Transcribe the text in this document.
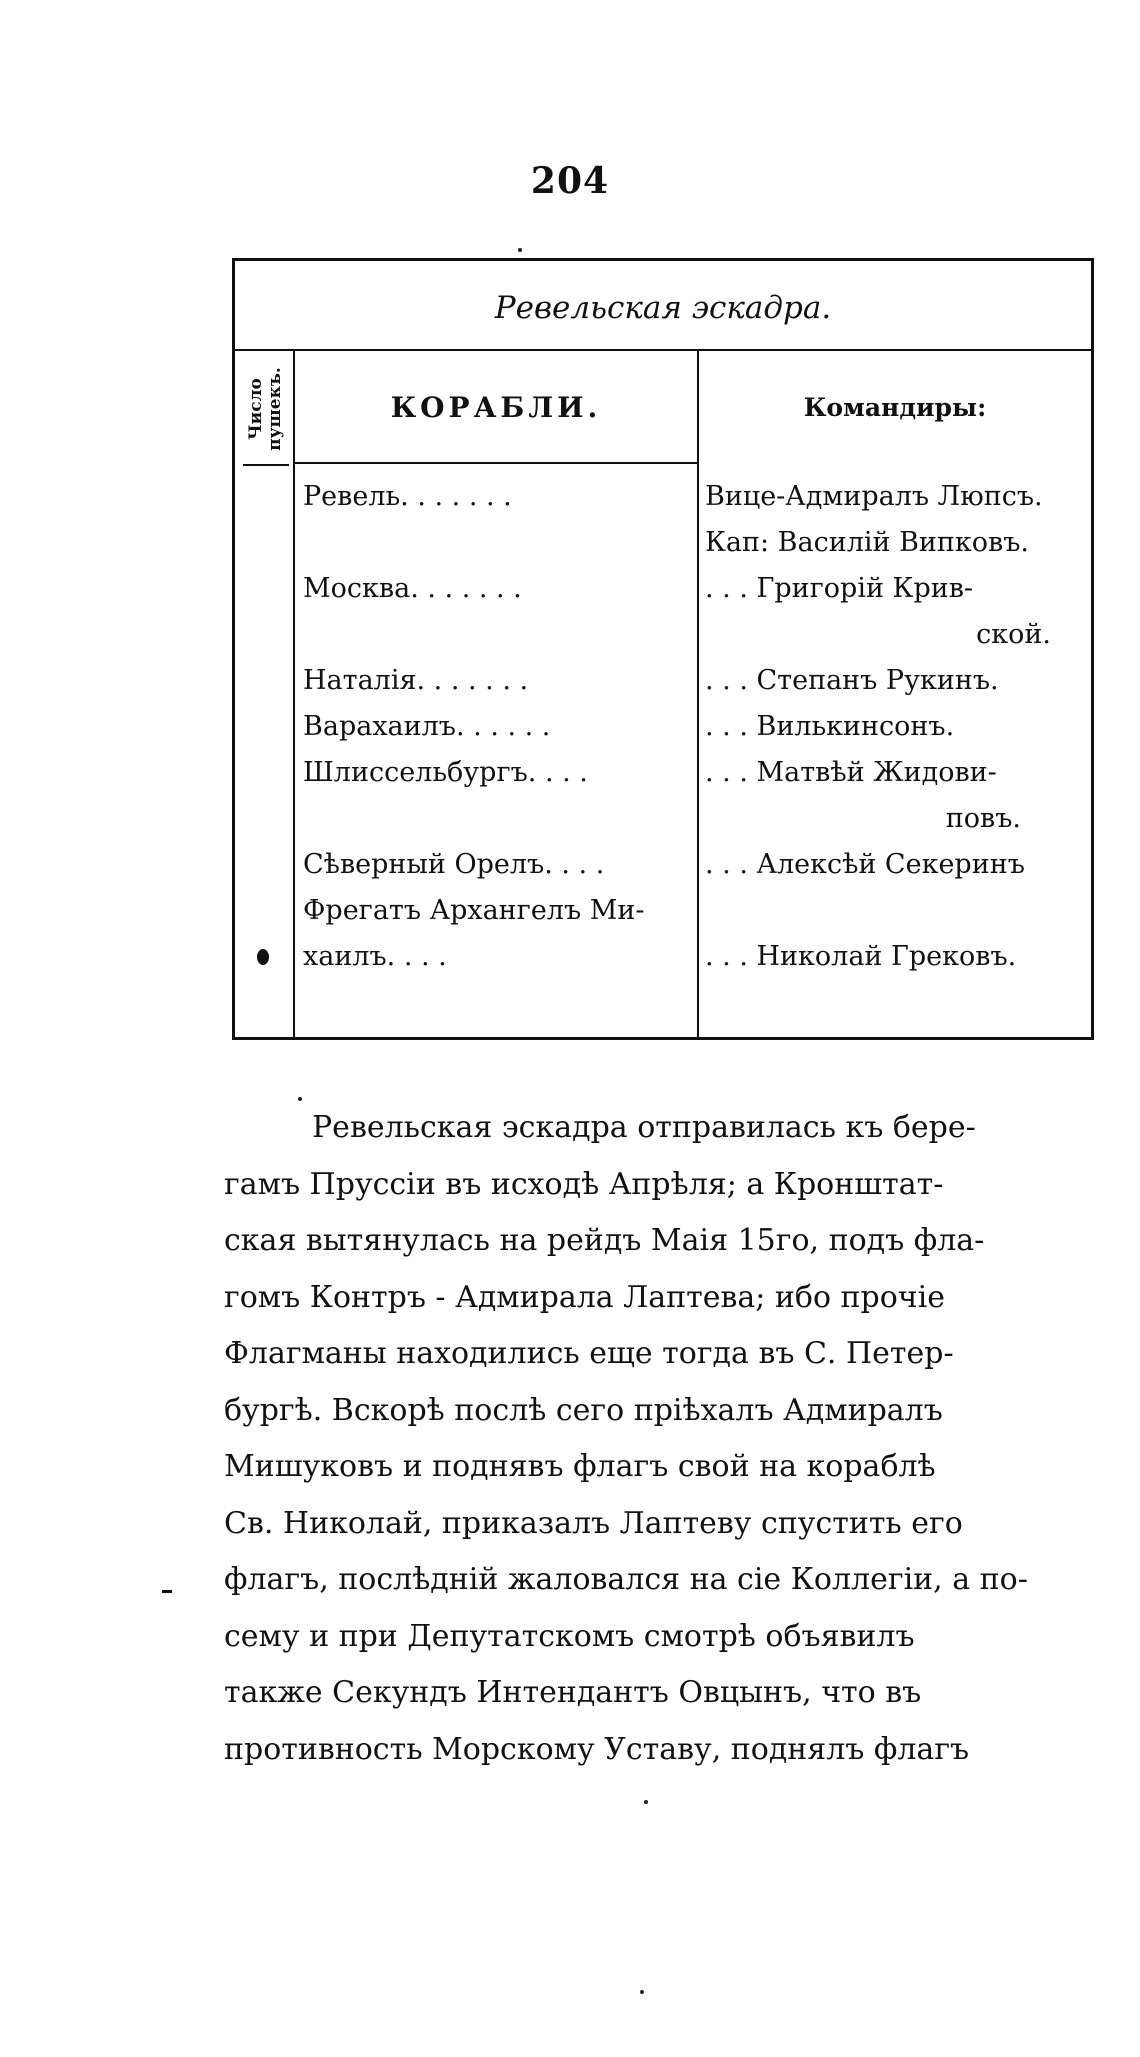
204
Ревельская эскадра.
Число
пушекъ.	КОРАБЛИ.
Ревель. . . . . . .
Москва. . . . . . .
Наталія. . . . . . .
Варахаилъ. . . . . .
Шлиссельбургъ. . . .
Сѣверный Орелъ. . . .
Фрегатъ Архангелъ Ми-
хаилъ. . . .
Командиры:
Вице-Адмиралъ Люпсъ.
Кап: Василій Випковъ.
. . . Григорій Крив-
ской.
. . . Степанъ Рукинъ.
. . . Вилькинсонъ.
. . . Матвѣй Жидови-
повъ.
. . . Алексѣй Секеринъ
. . . Николай Грековъ.
Ревельская эскадра отправилась къ бере-
гамъ Пруссіи въ исходѣ Апрѣля; а Кронштат-
ская вытянулась на рейдъ Маія 15го, подъ фла-
гомъ Контръ - Адмирала Лаптева; ибо прочіе
Флагманы находились еще тогда въ С. Петер-
бургѣ. Вскорѣ послѣ сего пріѣхалъ Адмиралъ
Мишуковъ и поднявъ флагъ свой на кораблѣ
Св. Николай, приказалъ Лаптеву спустить его
флагъ, послѣдній жаловался на сіе Коллегіи, а по-
сему и при Депутатскомъ смотрѣ объявилъ
также Секундъ Интендантъ Овцынъ, что въ
противность Морскому Уставу, поднялъ флагъ
